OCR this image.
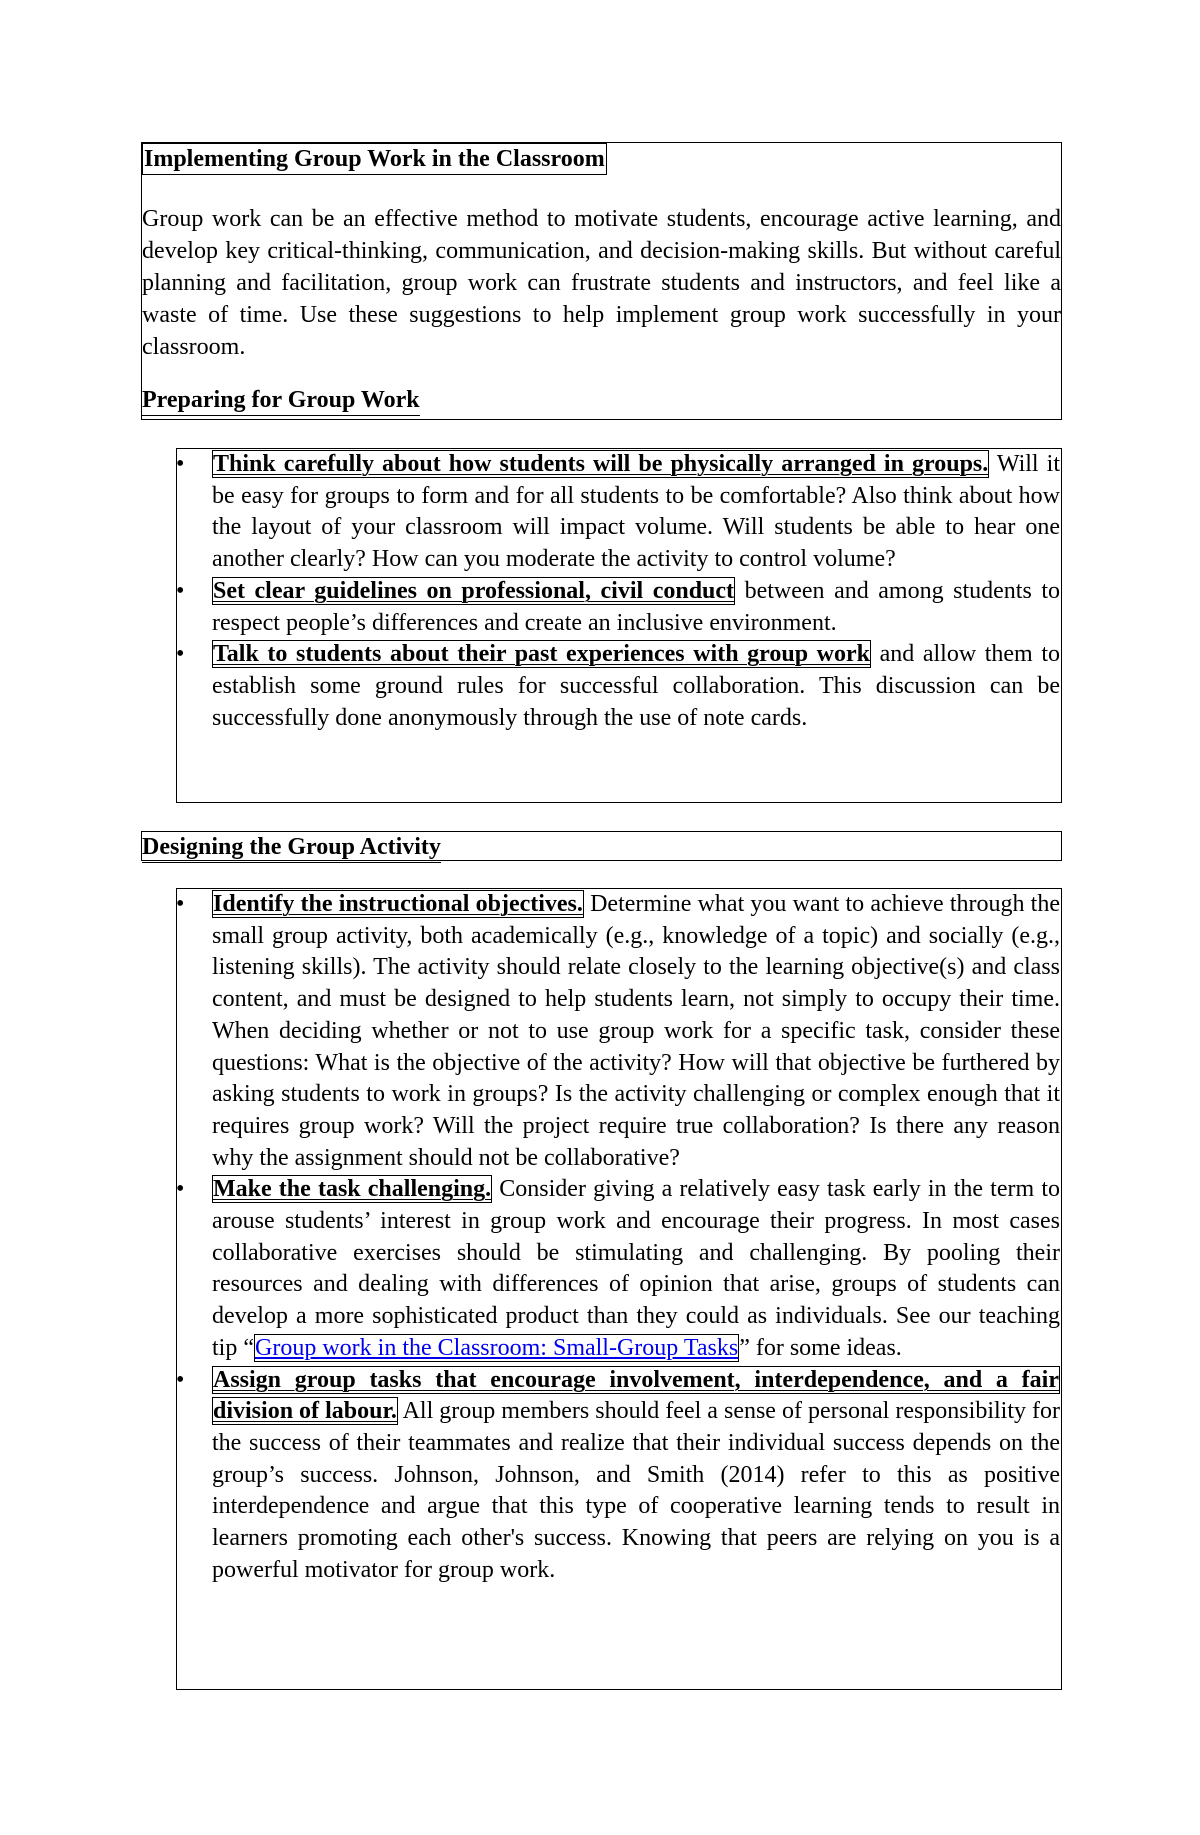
Implementing Group Work in the Classroom

Group work can be an effective method to motivate students, encourage active learning, and develop key critical-thinking, communication, and decision-making skills. But without careful planning and facilitation, group work can frustrate students and instructors, and feel like a waste of time. Use these suggestions to help implement group work successfully in your classroom.

Preparing for Group Work
•	Think carefully about how students will be physically arranged in groups. Will it be easy for groups to form and for all students to be comfortable? Also think about how the layout of your classroom will impact volume. Will students be able to hear one another clearly? How can you moderate the activity to control volume?
•	Set clear guidelines on professional, civil conduct between and among students to respect people’s differences and create an inclusive environment.
•	Talk to students about their past experiences with group work and allow them to establish some ground rules for successful collaboration. This discussion can be successfully done anonymously through the use of note cards.
Designing the Group Activity
•	Identify the instructional objectives. Determine what you want to achieve through the small group activity, both academically (e.g., knowledge of a topic) and socially (e.g., listening skills). The activity should relate closely to the learning objective(s) and class content, and must be designed to help students learn, not simply to occupy their time. When deciding whether or not to use group work for a specific task, consider these questions: What is the objective of the activity? How will that objective be furthered by asking students to work in groups? Is the activity challenging or complex enough that it requires group work? Will the project require true collaboration? Is there any reason why the assignment should not be collaborative?
•	Make the task challenging. Consider giving a relatively easy task early in the term to arouse students’ interest in group work and encourage their progress. In most cases collaborative exercises should be stimulating and challenging. By pooling their resources and dealing with differences of opinion that arise, groups of students can develop a more sophisticated product than they could as individuals. See our teaching tip “Group work in the Classroom: Small-Group Tasks” for some ideas.
•	Assign group tasks that encourage involvement, interdependence, and a fair division of labour. All group members should feel a sense of personal responsibility for the success of their teammates and realize that their individual success depends on the group’s success. Johnson, Johnson, and Smith (2014) refer to this as positive interdependence and argue that this type of cooperative learning tends to result in learners promoting each other's success. Knowing that peers are relying on you is a powerful motivator for group work.
